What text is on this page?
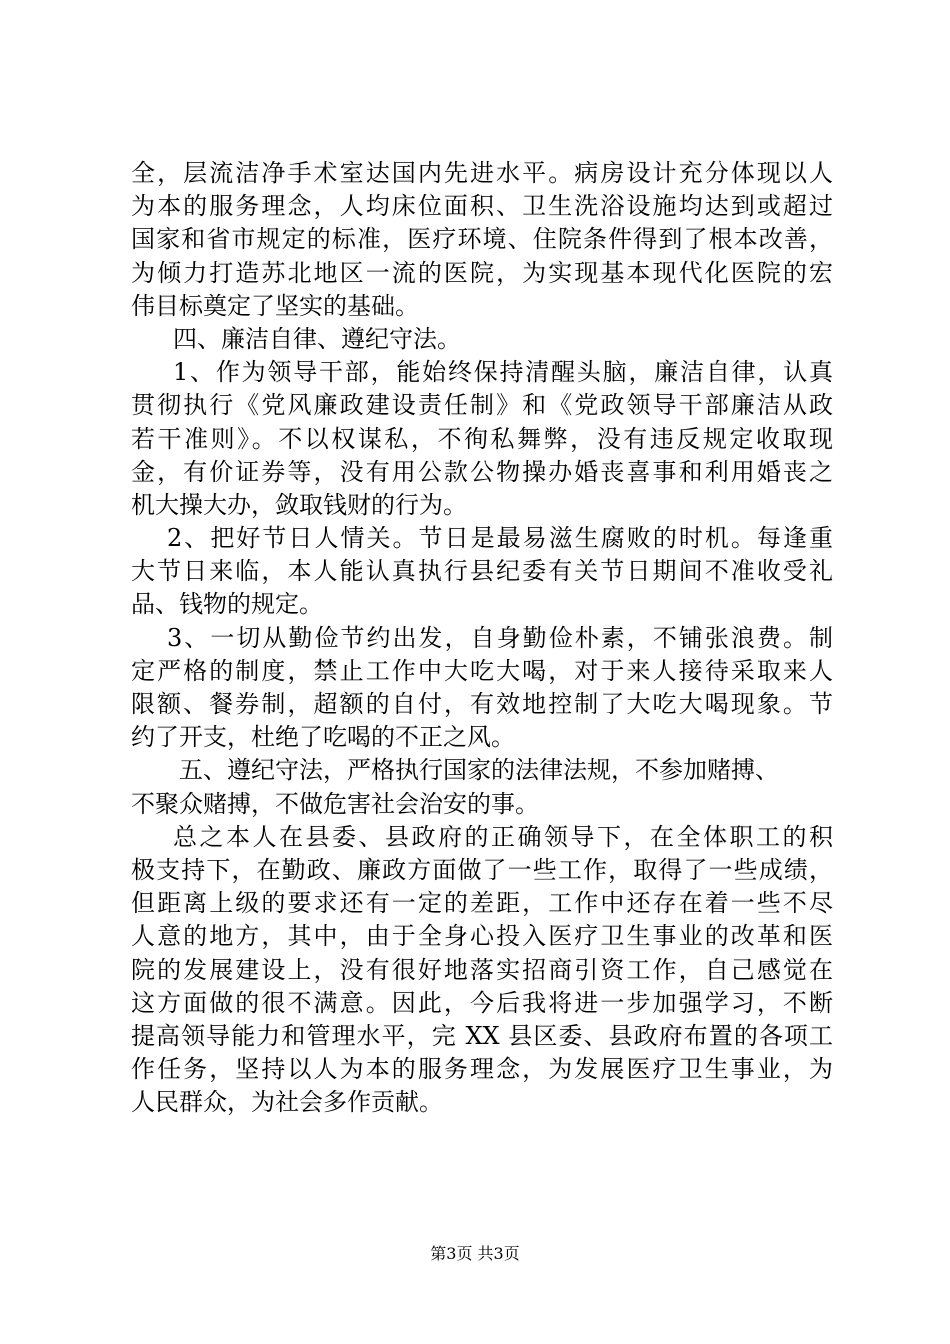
全，层流洁净手术室达国内先进水平。病房设计充分体现以人
为本的服务理念，人均床位面积、卫生洗浴设施均达到或超过
国家和省市规定的标准，医疗环境、住院条件得到了根本改善，
为倾力打造苏北地区一流的医院，为实现基本现代化医院的宏
伟目标奠定了坚实的基础。
四、廉洁自律、遵纪守法。
1、作为领导干部，能始终保持清醒头脑，廉洁自律，认真
贯彻执行《党风廉政建设责任制》和《党政领导干部廉洁从政
若干准则》。不以权谋私，不徇私舞弊，没有违反规定收取现
金，有价证券等，没有用公款公物操办婚丧喜事和利用婚丧之
机大操大办，敛取钱财的行为。
2、把好节日人情关。节日是最易滋生腐败的时机。每逢重
大节日来临，本人能认真执行县纪委有关节日期间不准收受礼
品、钱物的规定。
3、一切从勤俭节约出发，自身勤俭朴素，不铺张浪费。制
定严格的制度，禁止工作中大吃大喝，对于来人接待采取来人
限额、餐券制，超额的自付，有效地控制了大吃大喝现象。节
约了开支，杜绝了吃喝的不正之风。
五、遵纪守法，严格执行国家的法律法规，不参加赌搏、
不聚众赌搏，不做危害社会治安的事。
总之本人在县委、县政府的正确领导下，在全体职工的积
极支持下，在勤政、廉政方面做了一些工作，取得了一些成绩，
但距离上级的要求还有一定的差距，工作中还存在着一些不尽
人意的地方，其中，由于全身心投入医疗卫生事业的改革和医
院的发展建设上，没有很好地落实招商引资工作，自己感觉在
这方面做的很不满意。因此，今后我将进一步加强学习，不断
提高领导能力和管理水平，完 XX 县区委、县政府布置的各项工
作任务，坚持以人为本的服务理念，为发展医疗卫生事业，为
人民群众，为社会多作贡献。
第3页 共3页
